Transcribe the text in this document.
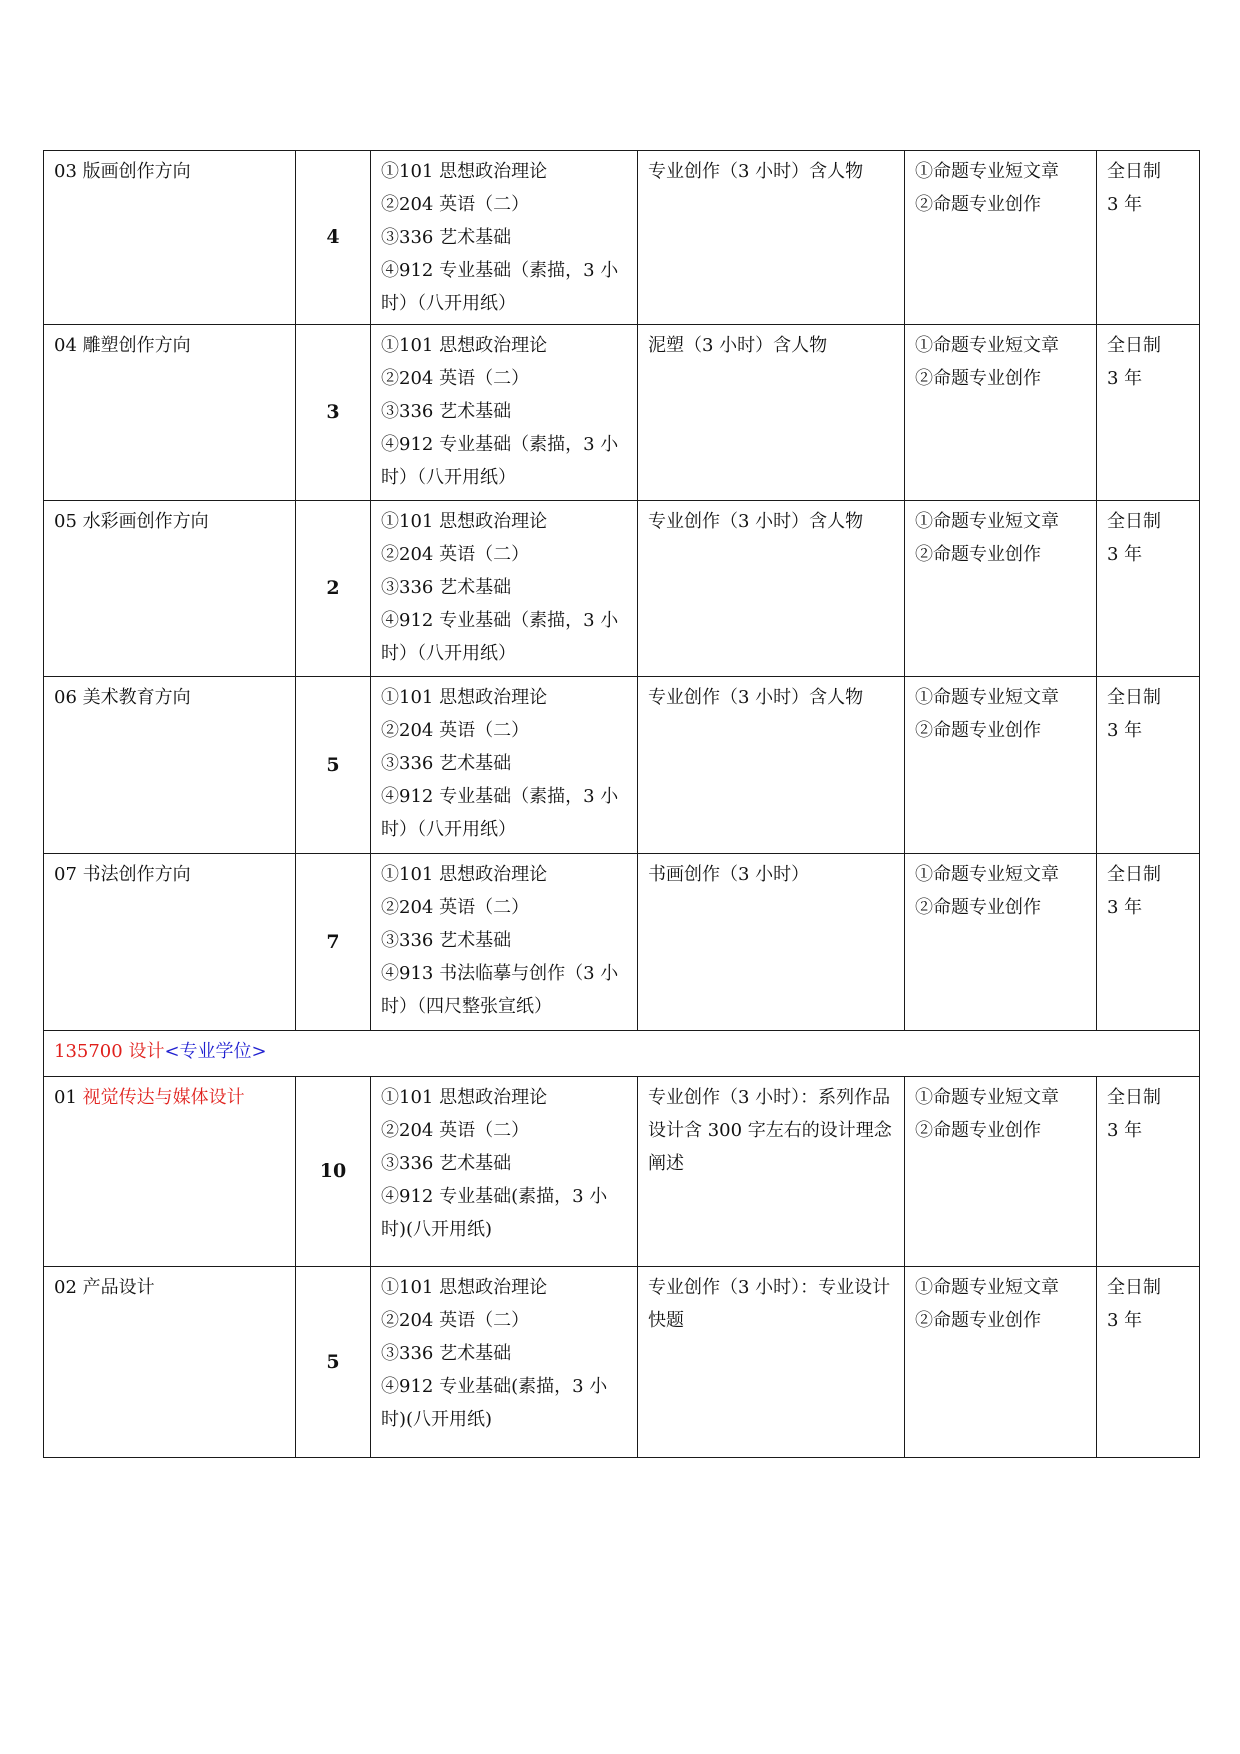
03 版画创作方向	4	①101 思想政治理论
②204 英语（二）
③336 艺术基础
④912 专业基础（素描，3 小时）（八开用纸）	专业创作（3 小时）含人物	①命题专业短文章
②命题专业创作	全日制
3 年

04 雕塑创作方向	3	①101 思想政治理论
②204 英语（二）
③336 艺术基础
④912 专业基础（素描，3 小时）（八开用纸）	泥塑（3 小时）含人物	①命题专业短文章
②命题专业创作	全日制
3 年

05 水彩画创作方向	2	①101 思想政治理论
②204 英语（二）
③336 艺术基础
④912 专业基础（素描，3 小时）（八开用纸）	专业创作（3 小时）含人物	①命题专业短文章
②命题专业创作	全日制
3 年

06 美术教育方向	5	①101 思想政治理论
②204 英语（二）
③336 艺术基础
④912 专业基础（素描，3 小时）（八开用纸）	专业创作（3 小时）含人物	①命题专业短文章
②命题专业创作	全日制
3 年

07 书法创作方向	7	①101 思想政治理论
②204 英语（二）
③336 艺术基础
④913 书法临摹与创作（3 小时）（四尺整张宣纸）	书画创作（3 小时）	①命题专业短文章
②命题专业创作	全日制
3 年

135700 设计<专业学位>					
01 视觉传达与媒体设计	10	①101 思想政治理论
②204 英语（二）
③336 艺术基础
④912 专业基础(素描，3 小时)(八开用纸)	专业创作（3 小时）：系列作品设计含 300 字左右的设计理念阐述	①命题专业短文章
②命题专业创作	全日制
3 年

02 产品设计	5	①101 思想政治理论
②204 英语（二）
③336 艺术基础
④912 专业基础(素描，3 小时)(八开用纸)	专业创作（3 小时）：专业设计快题	①命题专业短文章
②命题专业创作	全日制
3 年
